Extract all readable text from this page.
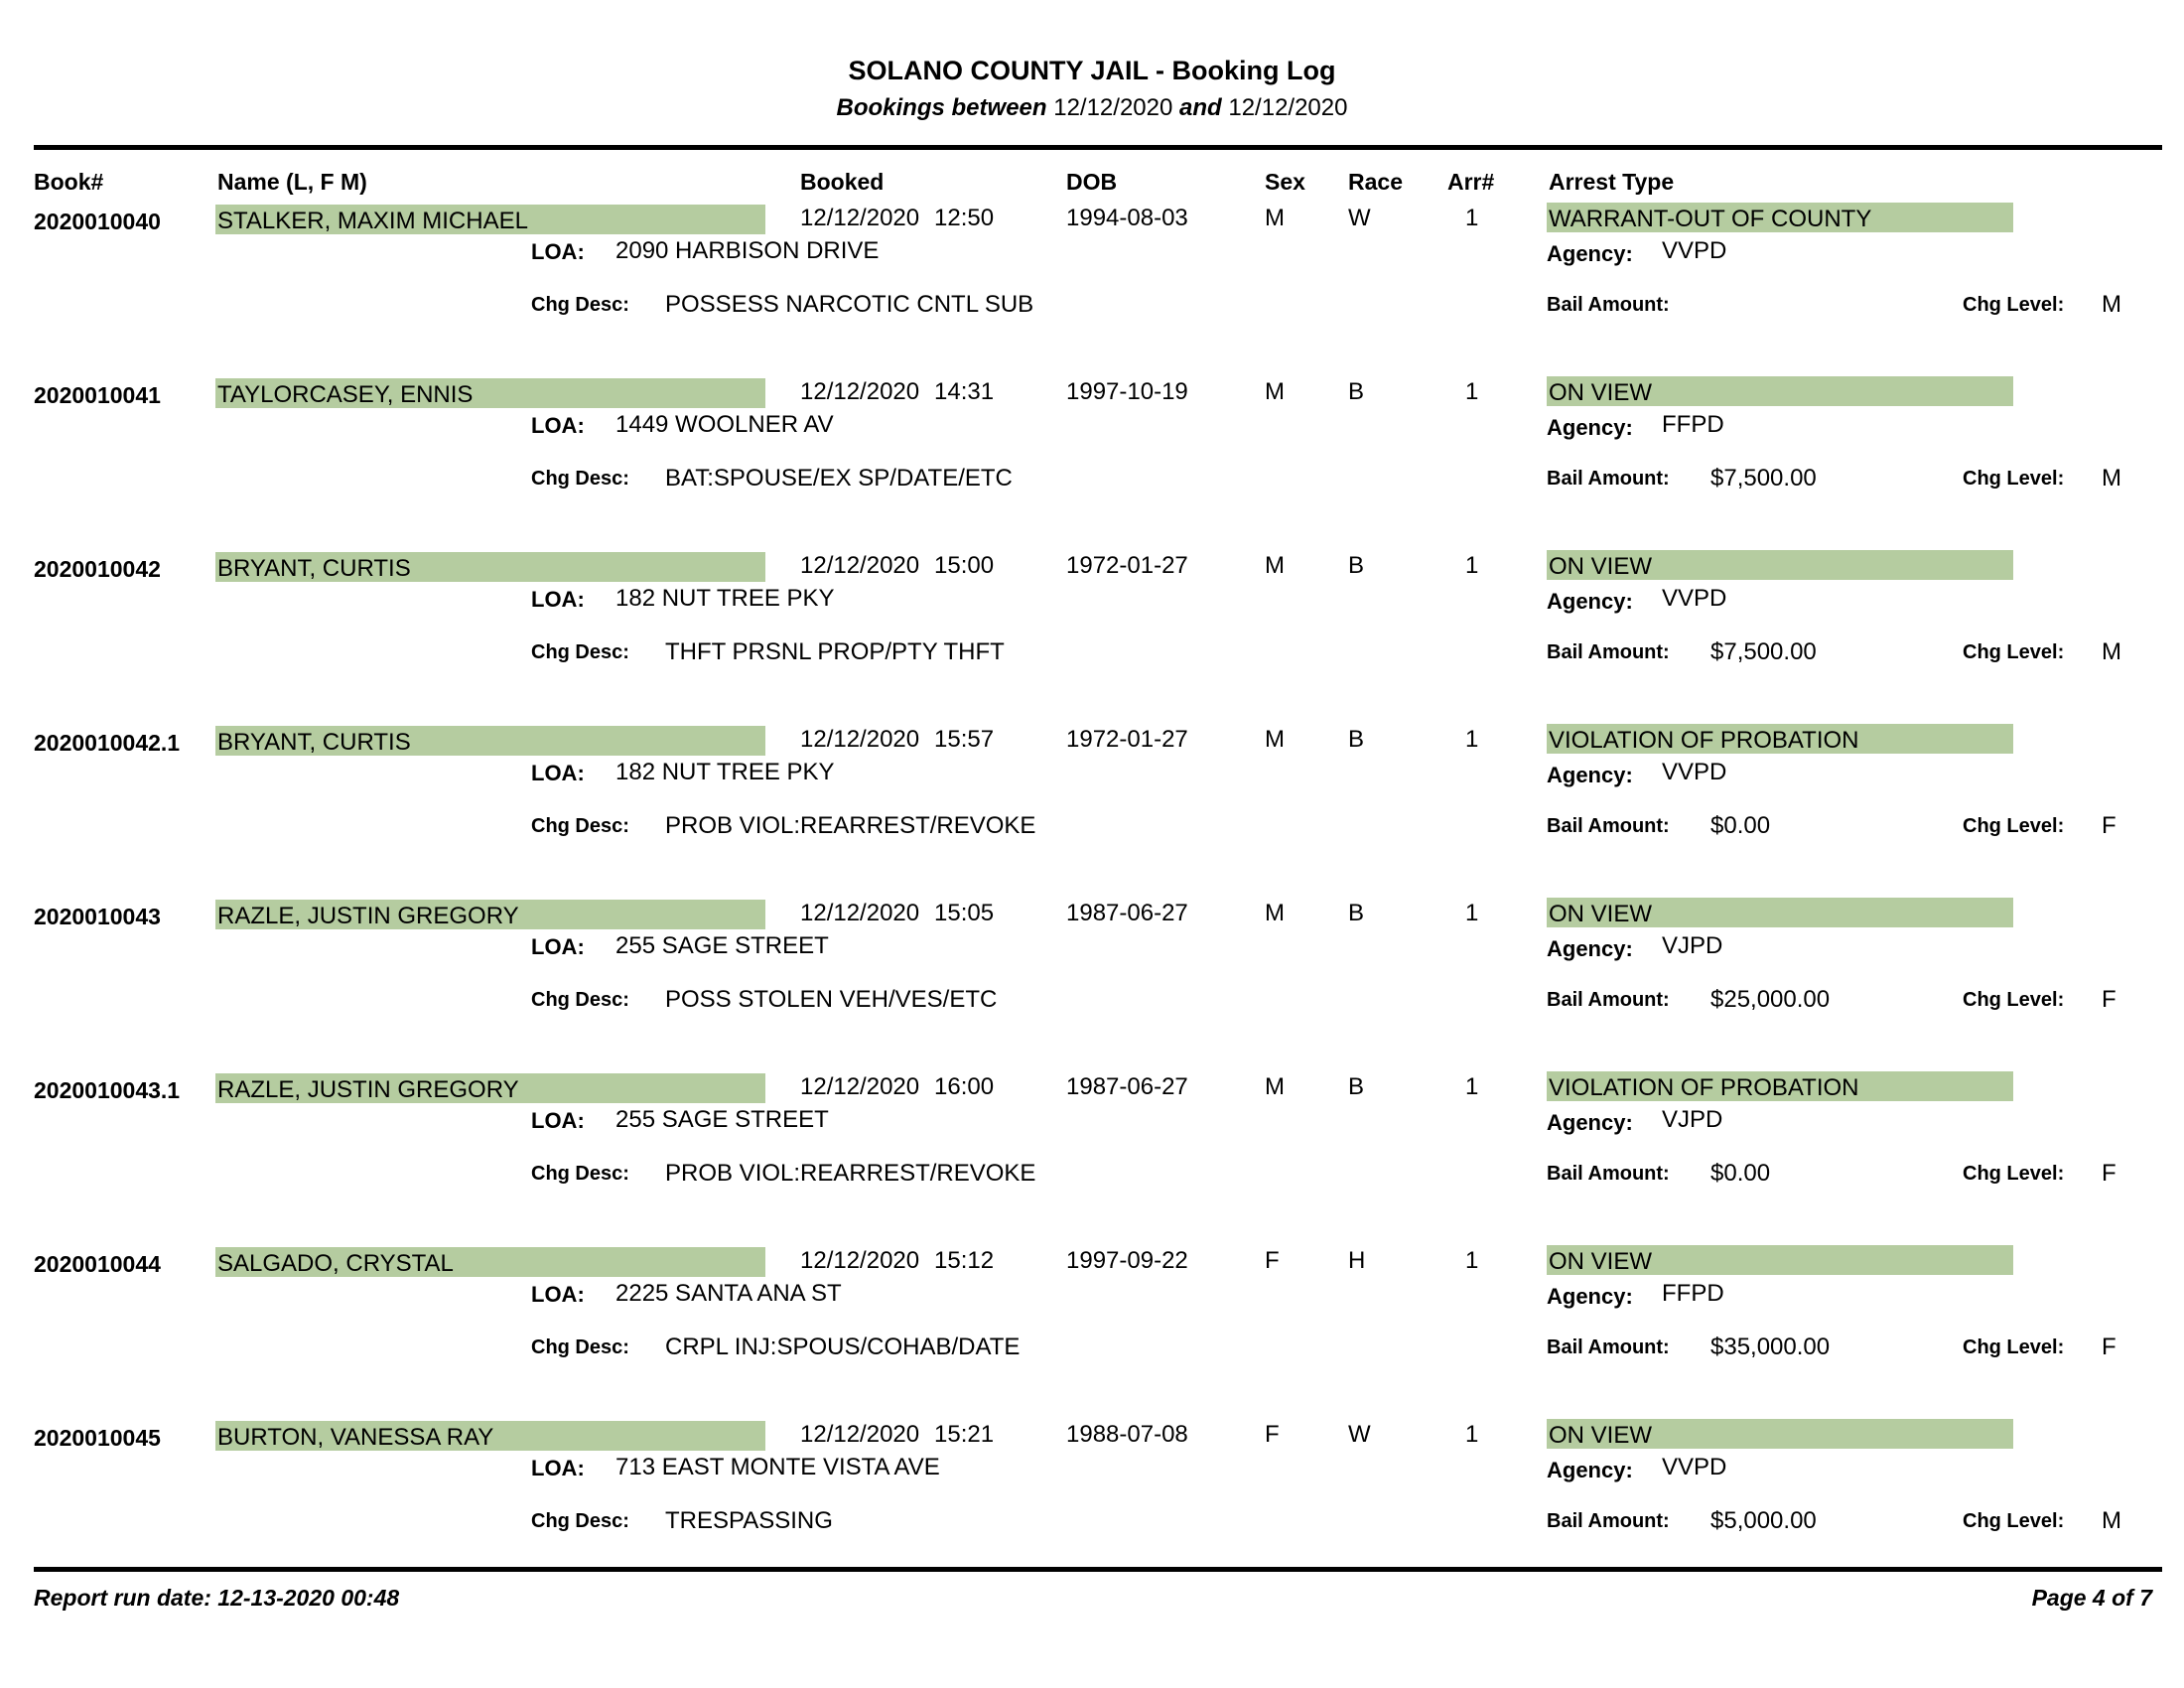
SOLANO COUNTY JAIL - Booking Log
Bookings between 12/12/2020 and 12/12/2020
Book#	Name (L, F M)	Booked	DOB	Sex Race Arr# Arrest Type
2020010040 STALKER, MAXIM MICHAEL	12/12/2020 12:50	1994-08-03	M	W	1	WARRANT-OUT OF COUNTY
LOA: 2090 HARBISON DRIVE	Agency: VVPD
Chg Desc: POSSESS NARCOTIC CNTL SUB	Bail Amount:	Chg Level: M
2020010041 TAYLORCASEY, ENNIS	12/12/2020 14:31	1997-10-19	M	B	1	ON VIEW
LOA: 1449 WOOLNER AV	Agency: FFPD
Chg Desc: BAT:SPOUSE/EX SP/DATE/ETC	Bail Amount: $7,500.00	Chg Level: M
2020010042 BRYANT, CURTIS	12/12/2020 15:00	1972-01-27	M	B	1	ON VIEW
LOA: 182 NUT TREE PKY	Agency: VVPD
Chg Desc: THFT PRSNL PROP/PTY THFT	Bail Amount: $7,500.00	Chg Level: M
2020010042.1 BRYANT, CURTIS	12/12/2020 15:57	1972-01-27	M	B	1	VIOLATION OF PROBATION
LOA: 182 NUT TREE PKY	Agency: VVPD
Chg Desc: PROB VIOL:REARREST/REVOKE	Bail Amount: $0.00	Chg Level: F
2020010043 RAZLE, JUSTIN GREGORY	12/12/2020 15:05	1987-06-27	M	B	1	ON VIEW
LOA: 255 SAGE STREET	Agency: VJPD
Chg Desc: POSS STOLEN VEH/VES/ETC	Bail Amount: $25,000.00	Chg Level: F
2020010043.1 RAZLE, JUSTIN GREGORY	12/12/2020 16:00	1987-06-27	M	B	1	VIOLATION OF PROBATION
LOA: 255 SAGE STREET	Agency: VJPD
Chg Desc: PROB VIOL:REARREST/REVOKE	Bail Amount: $0.00	Chg Level: F
2020010044 SALGADO, CRYSTAL	12/12/2020 15:12	1997-09-22	F	H	1	ON VIEW
LOA: 2225 SANTA ANA ST	Agency: FFPD
Chg Desc: CRPL INJ:SPOUS/COHAB/DATE	Bail Amount: $35,000.00	Chg Level: F
2020010045 BURTON, VANESSA RAY	12/12/2020 15:21	1988-07-08	F	W	1	ON VIEW
LOA: 713 EAST MONTE VISTA AVE	Agency: VVPD
Chg Desc: TRESPASSING	Bail Amount: $5,000.00	Chg Level: M
Report run date: 12-13-2020 00:48	Page 4 of 7
